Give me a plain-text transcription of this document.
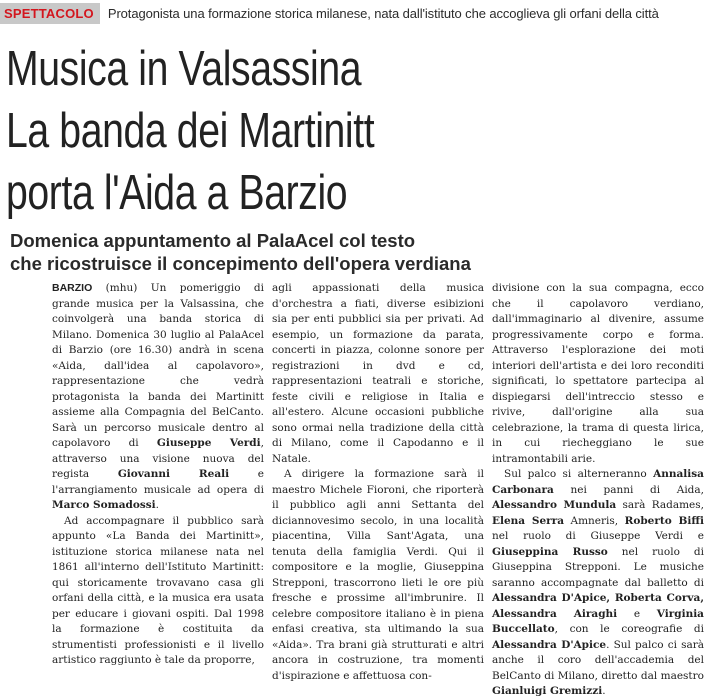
SPETTACOLO	Protagonista una formazione storica milanese, nata dall'istituto che accoglieva gli orfani della città
Musica in Valsassina
La banda dei Martinitt
porta l'Aida a Barzio
Domenica appuntamento al PalaAcel col testo
che ricostruisce il concepimento dell'opera verdiana

BARZIO (mhu) Un pomeriggio di grande musica per la Valsassina, che coinvolgerà una banda storica di Milano. Domenica 30 luglio al PalaAcel di Barzio (ore 16.30) andrà in scena «Aida, dall'idea al capolavoro», rappresentazione che vedrà protagonista la banda dei Martinitt assieme alla Compagnia del BelCanto. Sarà un percorso musicale dentro al capolavoro di Giuseppe Verdi, attraverso una visione nuova del regista	Giovanni Reali	e l'arrangiamento musicale ad opera di Marco Somadossi.

Ad accompagnare il pubblico sarà appunto «La Banda dei Martinitt», istituzione storica milanese nata nel 1861 all'interno dell'Istituto Martinitt: qui storicamente trovavano casa gli orfani della città, e la musica era usata per educare i giovani ospiti. Dal 1998 la formazione è costituita da strumentisti professionisti e il livello artistico raggiunto è tale da proporre,

agli appassionati della musica d'orchestra a fiati, diverse esibizioni sia per enti pubblici sia per privati. Ad esempio, un formazione da parata, concerti in piazza, colonne sonore per registrazioni in dvd e cd, rappresentazioni teatrali e storiche, feste civili e religiose in Italia e all'estero. Alcune occasioni pubbliche sono ormai nella tradizione della città di Milano, come il Capodanno e il Natale.

A dirigere la formazione sarà il maestro Michele Fioroni, che riporterà il pubblico agli anni Settanta del diciannovesimo secolo, in una località piacentina, Villa Sant'Agata, una tenuta della famiglia Verdi. Qui il compositore e la moglie, Giuseppina Strepponi, trascorrono lieti le ore più fresche e prossime all'imbrunire. Il celebre compositore italiano è in piena enfasi creativa, sta ultimando la sua «Aida». Tra brani già strutturati e altri ancora in costruzione, tra momenti d'ispirazione e affettuosa con-

divisione con la sua compagna, ecco che il capolavoro verdiano, dall'immaginario al divenire, assume progressivamente corpo e forma. Attraverso l'esplorazione dei moti interiori dell'artista e dei loro reconditi significati, lo spettatore partecipa al dispiegarsi dell'intreccio stesso e rivive, dall'origine alla sua celebrazione, la trama di questa lirica, in cui riecheggiano le sue intramontabili arie.

Sul palco si alterneranno Annalisa Carbonara nei panni di Aida, Alessandro Mundula sarà Radames, Elena Serra Amneris, Roberto Biffi nel ruolo di Giuseppe Verdi e Giuseppina Russo nel ruolo di Giuseppina Strepponi. Le musiche saranno accompagnate dal balletto di Alessandra D'Apice, Roberta Corva, Alessandra Airaghi e Virginia Buccellato, con le coreografie di Alessandra D'Apice. Sul palco ci sarà anche il coro dell'accademia del BelCanto di Milano, diretto dal maestro Gianluigi Gremizzi.
